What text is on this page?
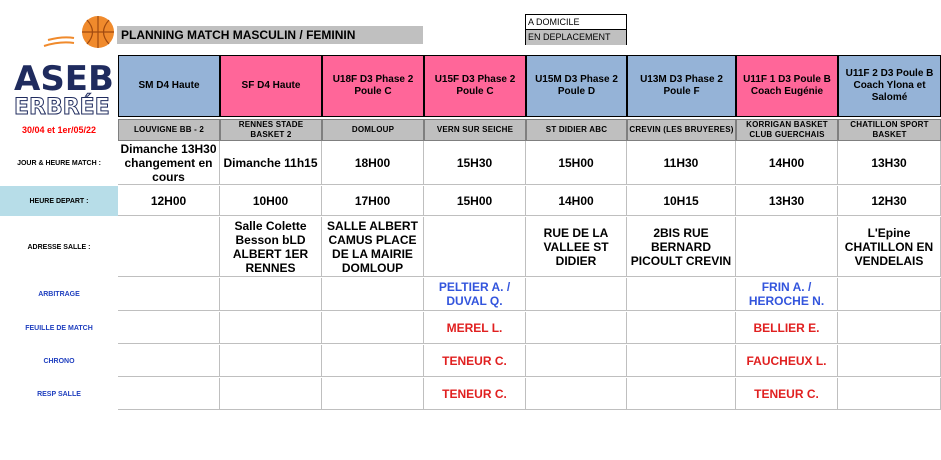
ASEB
ERBRÉE
PLANNING MATCH MASCULIN / FEMININ
A DOMICILE
EN DEPLACEMENT
30/04 et 1er/05/22
JOUR & HEURE MATCH :
HEURE DEPART :
ADRESSE SALLE :
ARBITRAGE
FEUILLE DE MATCH
CHRONO
RESP SALLE
SM D4 Haute
LOUVIGNE BB - 2
Dimanche 13H30 changement en cours
12H00
SF D4 Haute
RENNES STADE BASKET 2
Dimanche 11h15
10H00
Salle Colette Besson bLD ALBERT 1ER RENNES
U18F D3 Phase 2 Poule C
DOMLOUP
18H00
17H00
SALLE ALBERT CAMUS PLACE DE LA MAIRIE DOMLOUP
U15F D3 Phase 2 Poule C
VERN SUR SEICHE
15H30
15H00
PELTIER A. / DUVAL Q.
MEREL L.
TENEUR C.
TENEUR C.
U15M D3 Phase 2 Poule D
ST DIDIER ABC
15H00
14H00
RUE DE LA VALLEE ST DIDIER
U13M D3 Phase 2 Poule F
CREVIN (LES BRUYERES)
11H30
10H15
2BIS RUE BERNARD PICOULT CREVIN
U11F 1 D3 Poule B Coach Eugénie
KORRIGAN BASKET CLUB GUERCHAIS
14H00
13H30
FRIN A. / HEROCHE N.
BELLIER E.
FAUCHEUX L.
TENEUR C.
U11F 2 D3 Poule B Coach Ylona et Salomé
CHATILLON SPORT BASKET
13H30
12H30
L'Epine CHATILLON EN VENDELAIS
